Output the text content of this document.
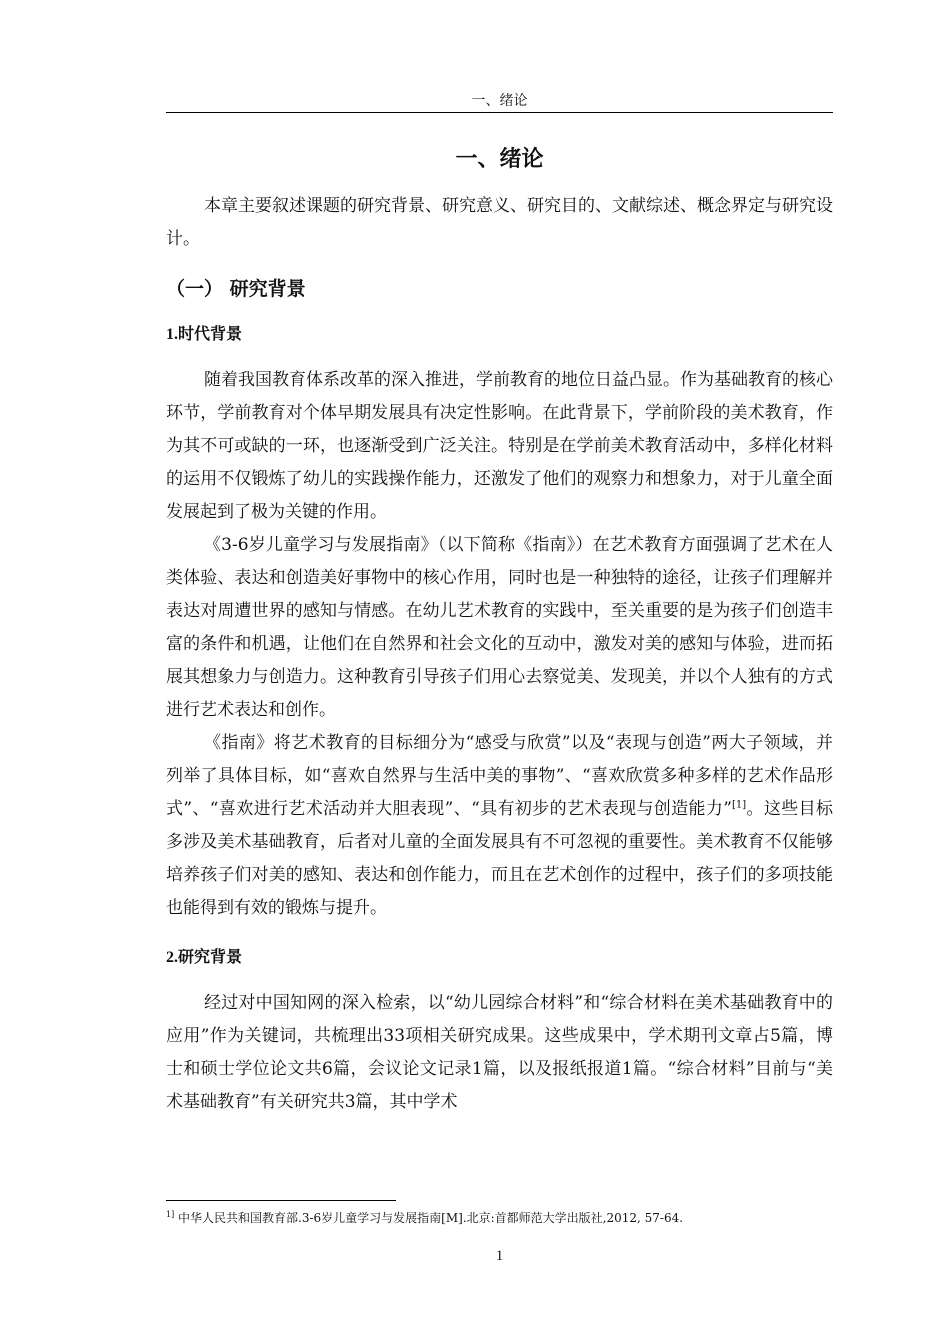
一、绪论
一、绪论

本章主要叙述课题的研究背景、研究意义、研究目的、文献综述、概念界定与研究设计。

（一） 研究背景
1.时代背景

随着我国教育体系改革的深入推进，学前教育的地位日益凸显。作为基础教育的核心环节，学前教育对个体早期发展具有决定性影响。在此背景下，学前阶段的美术教育，作为其不可或缺的一环，也逐渐受到广泛关注。特别是在学前美术教育活动中，多样化材料的运用不仅锻炼了幼儿的实践操作能力，还激发了他们的观察力和想象力，对于儿童全面发展起到了极为关键的作用。

《3-6岁儿童学习与发展指南》（以下简称《指南》）在艺术教育方面强调了艺术在人类体验、表达和创造美好事物中的核心作用，同时也是一种独特的途径，让孩子们理解并表达对周遭世界的感知与情感。在幼儿艺术教育的实践中，至关重要的是为孩子们创造丰富的条件和机遇，让他们在自然界和社会文化的互动中，激发对美的感知与体验，进而拓展其想象力与创造力。这种教育引导孩子们用心去察觉美、发现美，并以个人独有的方式进行艺术表达和创作。

《指南》将艺术教育的目标细分为“感受与欣赏”以及“表现与创造”两大子领域，并列举了具体目标，如“喜欢自然界与生活中美的事物”、“喜欢欣赏多种多样的艺术作品形式”、“喜欢进行艺术活动并大胆表现”、“具有初步的艺术表现与创造能力”[1]。这些目标多涉及美术基础教育，后者对儿童的全面发展具有不可忽视的重要性。美术教育不仅能够培养孩子们对美的感知、表达和创作能力，而且在艺术创作的过程中，孩子们的多项技能也能得到有效的锻炼与提升。

2.研究背景

经过对中国知网的深入检索，以“幼儿园综合材料”和“综合材料在美术基础教育中的应用”作为关键词，共梳理出33项相关研究成果。这些成果中，学术期刊文章占5篇，博士和硕士学位论文共6篇，会议论文记录1篇，以及报纸报道1篇。“综合材料”目前与“美术基础教育”有关研究共3篇，其中学术

$^{1]}$ 中华人民共和国教育部.3-6岁儿童学习与发展指南[M].北京:首都师范大学出版社,2012, 57-64.
1
